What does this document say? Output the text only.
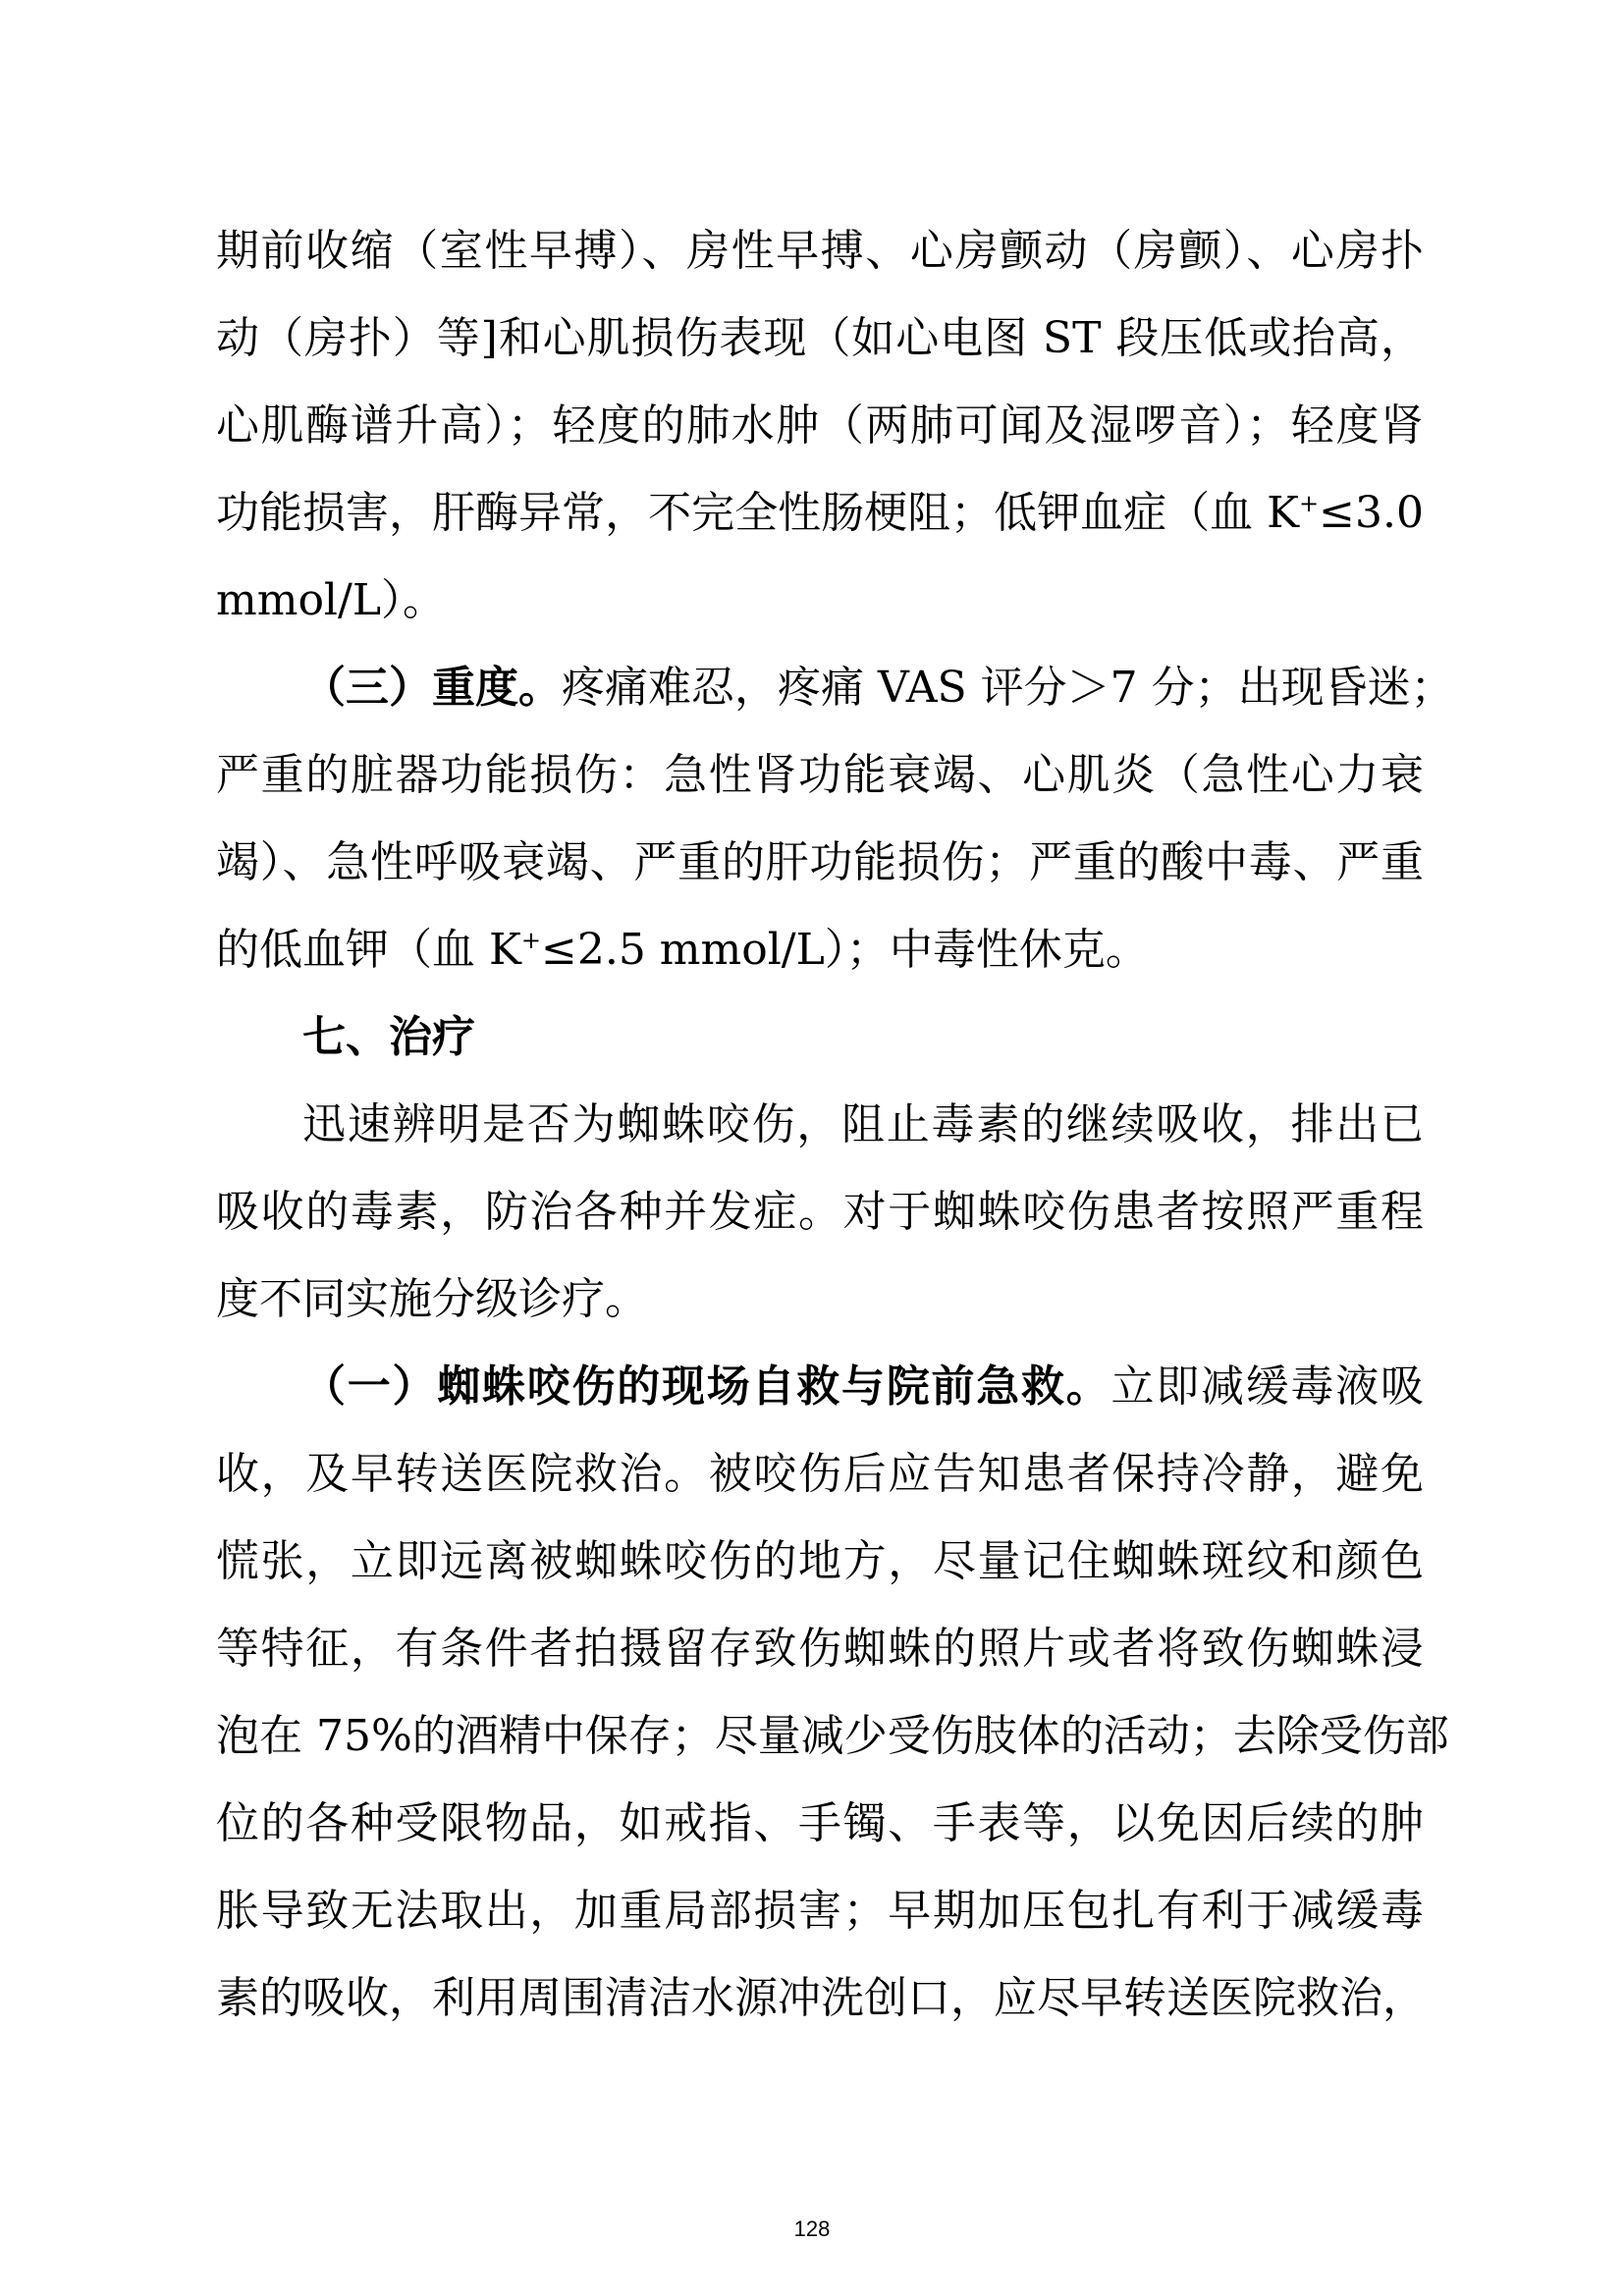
期前收缩（室性早搏）、房性早搏、心房颤动（房颤）、心房扑
动（房扑）等]和心肌损伤表现（如心电图 ST 段压低或抬高，
心肌酶谱升高）；轻度的肺水肿（两肺可闻及湿啰音）；轻度肾
功能损害，肝酶异常，不完全性肠梗阻；低钾血症（血 K+≤3.0
mmol/L）。
（三）重度。疼痛难忍，疼痛 VAS 评分＞7 分；出现昏迷；
严重的脏器功能损伤：急性肾功能衰竭、心肌炎（急性心力衰
竭）、急性呼吸衰竭、严重的肝功能损伤；严重的酸中毒、严重
的低血钾（血 K+≤2.5 mmol/L）；中毒性休克。
七、治疗
迅速辨明是否为蜘蛛咬伤，阻止毒素的继续吸收，排出已
吸收的毒素，防治各种并发症。对于蜘蛛咬伤患者按照严重程
度不同实施分级诊疗。
（一）蜘蛛咬伤的现场自救与院前急救。立即减缓毒液吸
收，及早转送医院救治。被咬伤后应告知患者保持冷静，避免
慌张，立即远离被蜘蛛咬伤的地方，尽量记住蜘蛛斑纹和颜色
等特征，有条件者拍摄留存致伤蜘蛛的照片或者将致伤蜘蛛浸
泡在 75%的酒精中保存；尽量减少受伤肢体的活动；去除受伤部
位的各种受限物品，如戒指、手镯、手表等，以免因后续的肿
胀导致无法取出，加重局部损害；早期加压包扎有利于减缓毒
素的吸收，利用周围清洁水源冲洗创口，应尽早转送医院救治，
128
